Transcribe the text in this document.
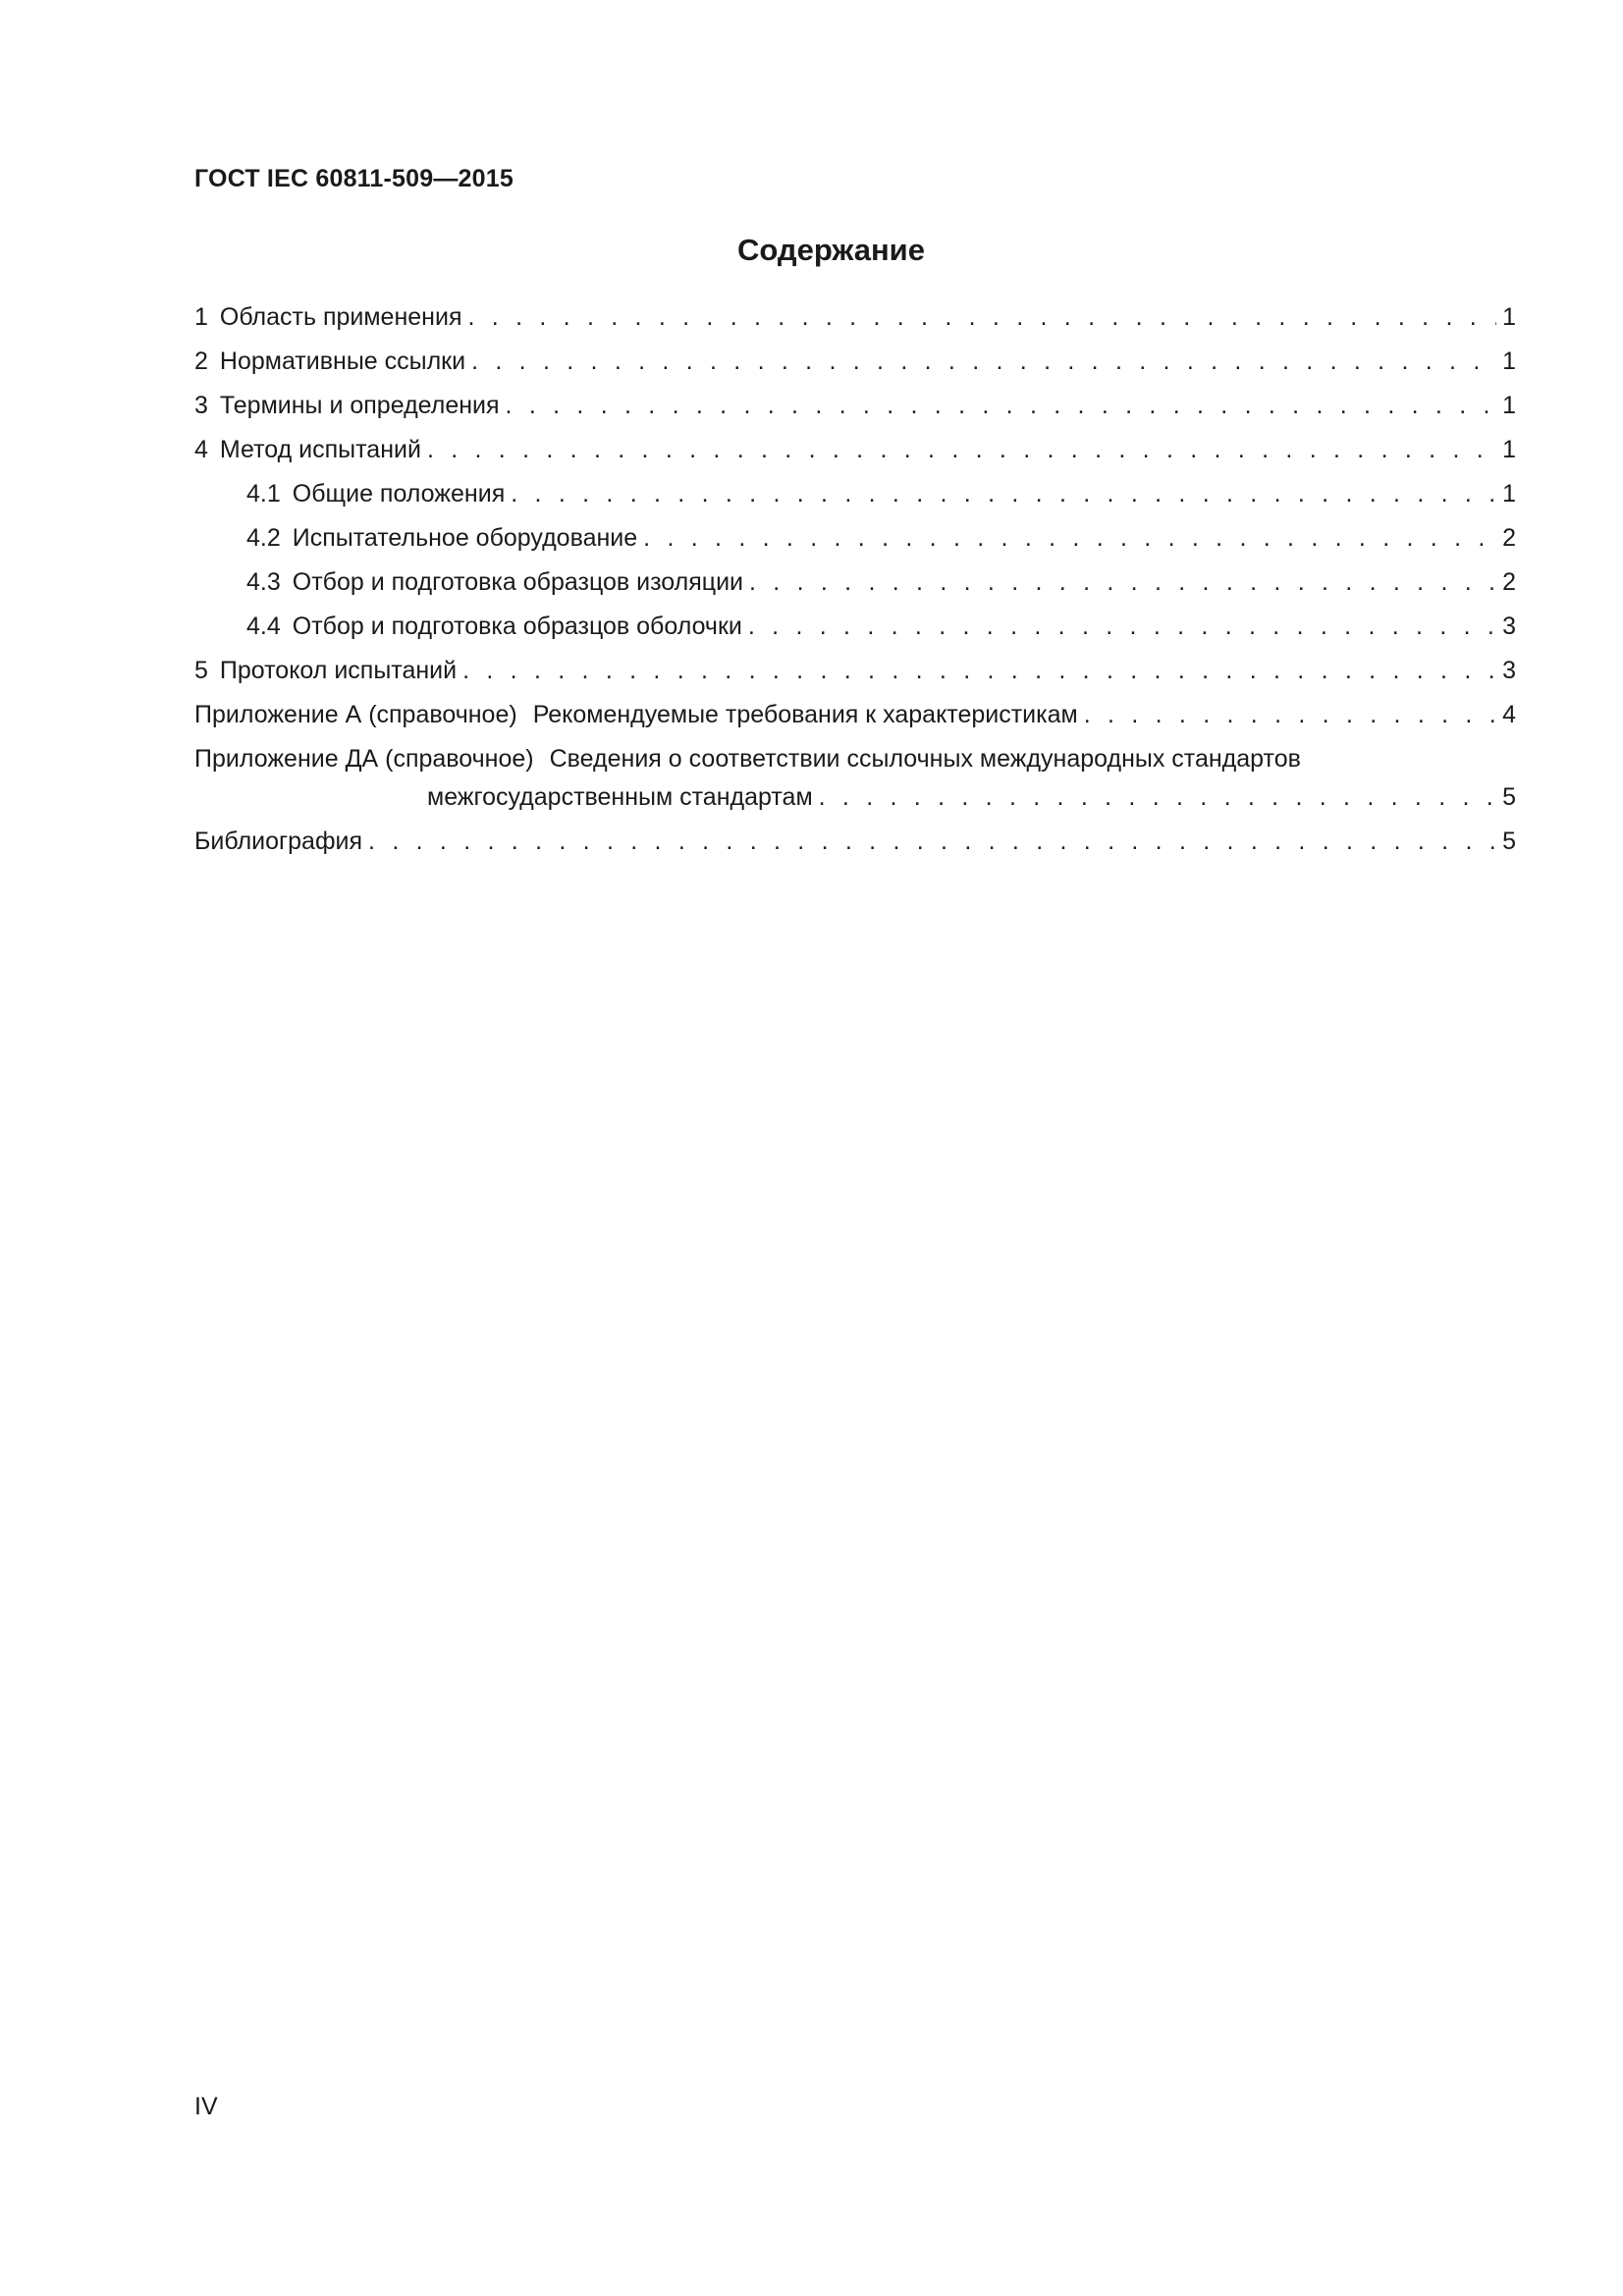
ГОСТ IEC 60811-509—2015
Содержание
1 Область применения . . .	1
2 Нормативные ссылки . . .	1
3 Термины и определения . . .	1
4 Метод испытаний . . .	1
4.1 Общие положения . . .	1
4.2 Испытательное оборудование . . .	2
4.3 Отбор и подготовка образцов изоляции . . .	2
4.4 Отбор и подготовка образцов оболочки . . .	3
5 Протокол испытаний . . .	3
Приложение А (справочное) Рекомендуемые требования к характеристикам . . .	4
Приложение ДА (справочное) Сведения о соответствии ссылочных международных стандартов
межгосударственным стандартам . . .	5
Библиография . . .	5
IV
